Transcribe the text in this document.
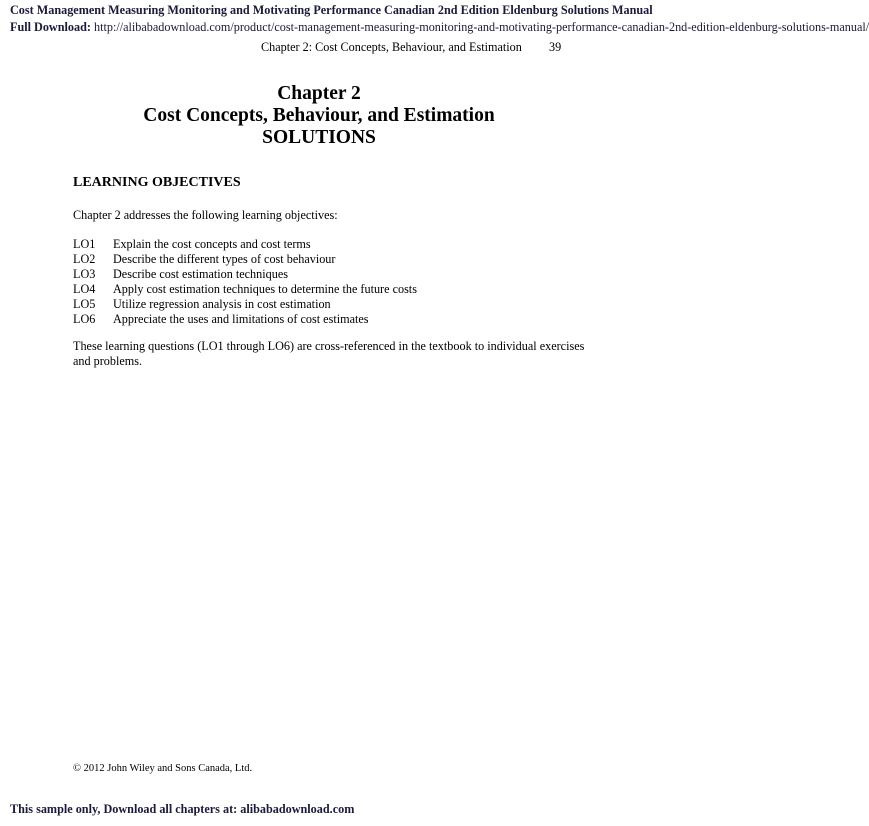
Cost Management Measuring Monitoring and Motivating Performance Canadian 2nd Edition Eldenburg Solutions Manual
Full Download: http://alibabadownload.com/product/cost-management-measuring-monitoring-and-motivating-performance-canadian-2nd-edition-eldenburg-solutions-manual/
Chapter 2: Cost Concepts, Behaviour, and Estimation 39
Chapter 2
Cost Concepts, Behaviour, and Estimation
SOLUTIONS
LEARNING OBJECTIVES
Chapter 2 addresses the following learning objectives:
LO1	Explain the cost concepts and cost terms
LO2	Describe the different types of cost behaviour
LO3	Describe cost estimation techniques
LO4	Apply cost estimation techniques to determine the future costs
LO5	Utilize regression analysis in cost estimation
LO6	Appreciate the uses and limitations of cost estimates
These learning questions (LO1 through LO6) are cross-referenced in the textbook to individual exercises and problems.
© 2012 John Wiley and Sons Canada, Ltd.
This sample only, Download all chapters at: alibabadownload.com
